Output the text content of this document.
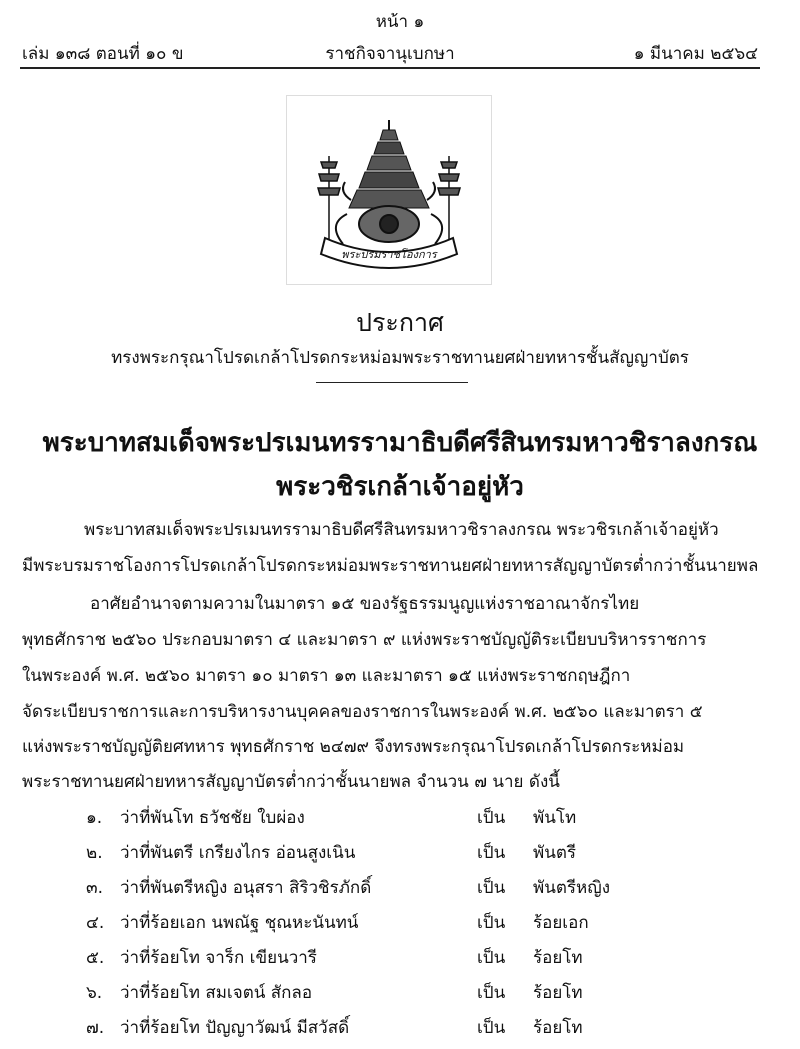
หน้า ๑
เล่ม ๑๓๘ ตอนที่ ๑๐ ข	ราชกิจจานุเบกษา	๑ มีนาคม ๒๕๖๔
พระปรมราชโองการ
ประกาศ
ทรงพระกรุณาโปรดเกล้าโปรดกระหม่อมพระราชทานยศฝ่ายทหารชั้นสัญญาบัตร
พระบาทสมเด็จพระปรเมนทรรามาธิบดีศรีสินทรมหาวชิราลงกรณ
พระวชิรเกล้าเจ้าอยู่หัว
พระบาทสมเด็จพระปรเมนทรรามาธิบดีศรีสินทรมหาวชิราลงกรณ พระวชิรเกล้าเจ้าอยู่หัว
มีพระบรมราชโองการโปรดเกล้าโปรดกระหม่อมพระราชทานยศฝ่ายทหารสัญญาบัตรต่ำกว่าชั้นนายพล
อาศัยอำนาจตามความในมาตรา ๑๕ ของรัฐธรรมนูญแห่งราชอาณาจักรไทย
พุทธศักราช ๒๕๖๐ ประกอบมาตรา ๔ และมาตรา ๙ แห่งพระราชบัญญัติระเบียบบริหารราชการ
ในพระองค์ พ.ศ. ๒๕๖๐ มาตรา ๑๐ มาตรา ๑๓ และมาตรา ๑๕ แห่งพระราชกฤษฎีกา
จัดระเบียบราชการและการบริหารงานบุคคลของราชการในพระองค์ พ.ศ. ๒๕๖๐ และมาตรา ๕
แห่งพระราชบัญญัติยศทหาร พุทธศักราช ๒๔๗๙ จึงทรงพระกรุณาโปรดเกล้าโปรดกระหม่อม
พระราชทานยศฝ่ายทหารสัญญาบัตรต่ำกว่าชั้นนายพล จำนวน ๗ นาย ดังนี้
๑. ว่าที่พันโท ธวัชชัย ใบผ่อง	เป็น พันโท
๒. ว่าที่พันตรี เกรียงไกร อ่อนสูงเนิน	เป็น พันตรี
๓. ว่าที่พันตรีหญิง อนุสรา สิริวชิรภักดิ์	เป็น พันตรีหญิง
๔. ว่าที่ร้อยเอก นพณัฐ ชุณหะนันทน์	เป็น ร้อยเอก
๕. ว่าที่ร้อยโท จาร็ก เขียนวารี	เป็น ร้อยโท
๖. ว่าที่ร้อยโท สมเจตน์ สักลอ	เป็น ร้อยโท
๗. ว่าที่ร้อยโท ปัญญาวัฒน์ มีสวัสดิ์	เป็น ร้อยโท
